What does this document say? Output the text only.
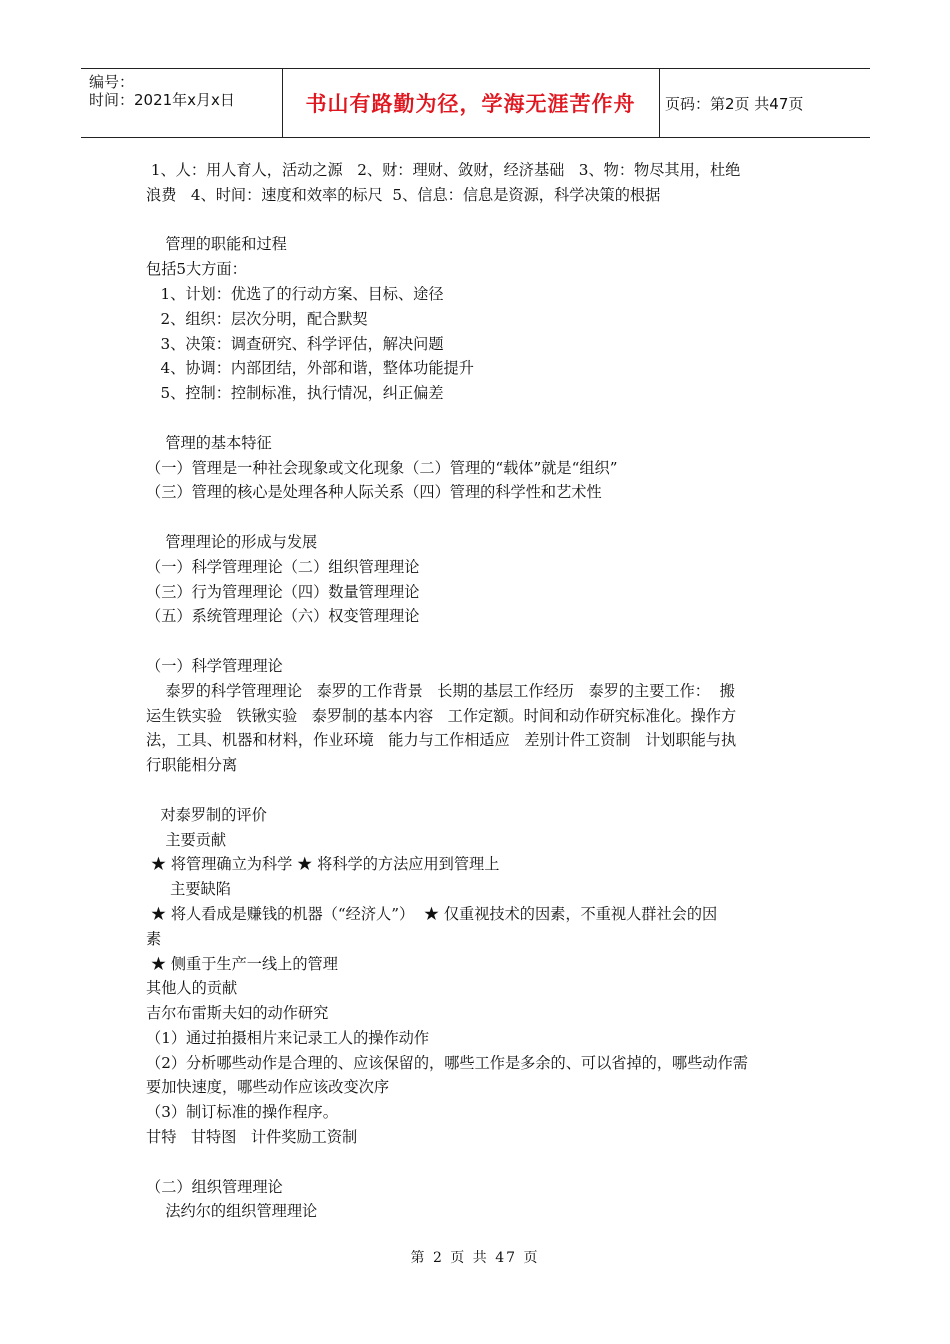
编号：
时间：2021年x月x日	书山有路勤为径，学海无涯苦作舟	页码：第2页 共47页
1、人：用人育人，活动之源   2、财：理财、敛财，经济基础   3、物：物尽其用，杜绝
浪费   4、时间：速度和效率的标尺  5、信息：信息是资源，科学决策的根据
管理的职能和过程
包括5大方面：
1、计划：优选了的行动方案、目标、途径
2、组织：层次分明，配合默契
3、决策：调查研究、科学评估，解决问题
4、协调：内部团结，外部和谐，整体功能提升
5、控制：控制标准，执行情况，纠正偏差
管理的基本特征
（一）管理是一种社会现象或文化现象（二）管理的“载体”就是“组织”
（三）管理的核心是处理各种人际关系（四）管理的科学性和艺术性
管理理论的形成与发展
（一）科学管理理论（二）组织管理理论
（三）行为管理理论（四）数量管理理论
（五）系统管理理论（六）权变管理理论
（一）科学管理理论
泰罗的科学管理理论   泰罗的工作背景   长期的基层工作经历   泰罗的主要工作：  搬
运生铁实验   铁锹实验   泰罗制的基本内容   工作定额。时间和动作研究标准化。操作方
法，工具、机器和材料，作业环境   能力与工作相适应   差别计件工资制   计划职能与执
行职能相分离
对泰罗制的评价
主要贡献
★ 将管理确立为科学 ★ 将科学的方法应用到管理上
主要缺陷
★ 将人看成是赚钱的机器（“经济人”）  ★ 仅重视技术的因素，不重视人群社会的因
素
★ 侧重于生产一线上的管理
其他人的贡献
吉尔布雷斯夫妇的动作研究
（1）通过拍摄相片来记录工人的操作动作
（2）分析哪些动作是合理的、应该保留的，哪些工作是多余的、可以省掉的，哪些动作需
要加快速度，哪些动作应该改变次序
（3）制订标准的操作程序。
甘特   甘特图   计件奖励工资制
（二）组织管理理论
法约尔的组织管理理论
第 2 页 共 47 页
